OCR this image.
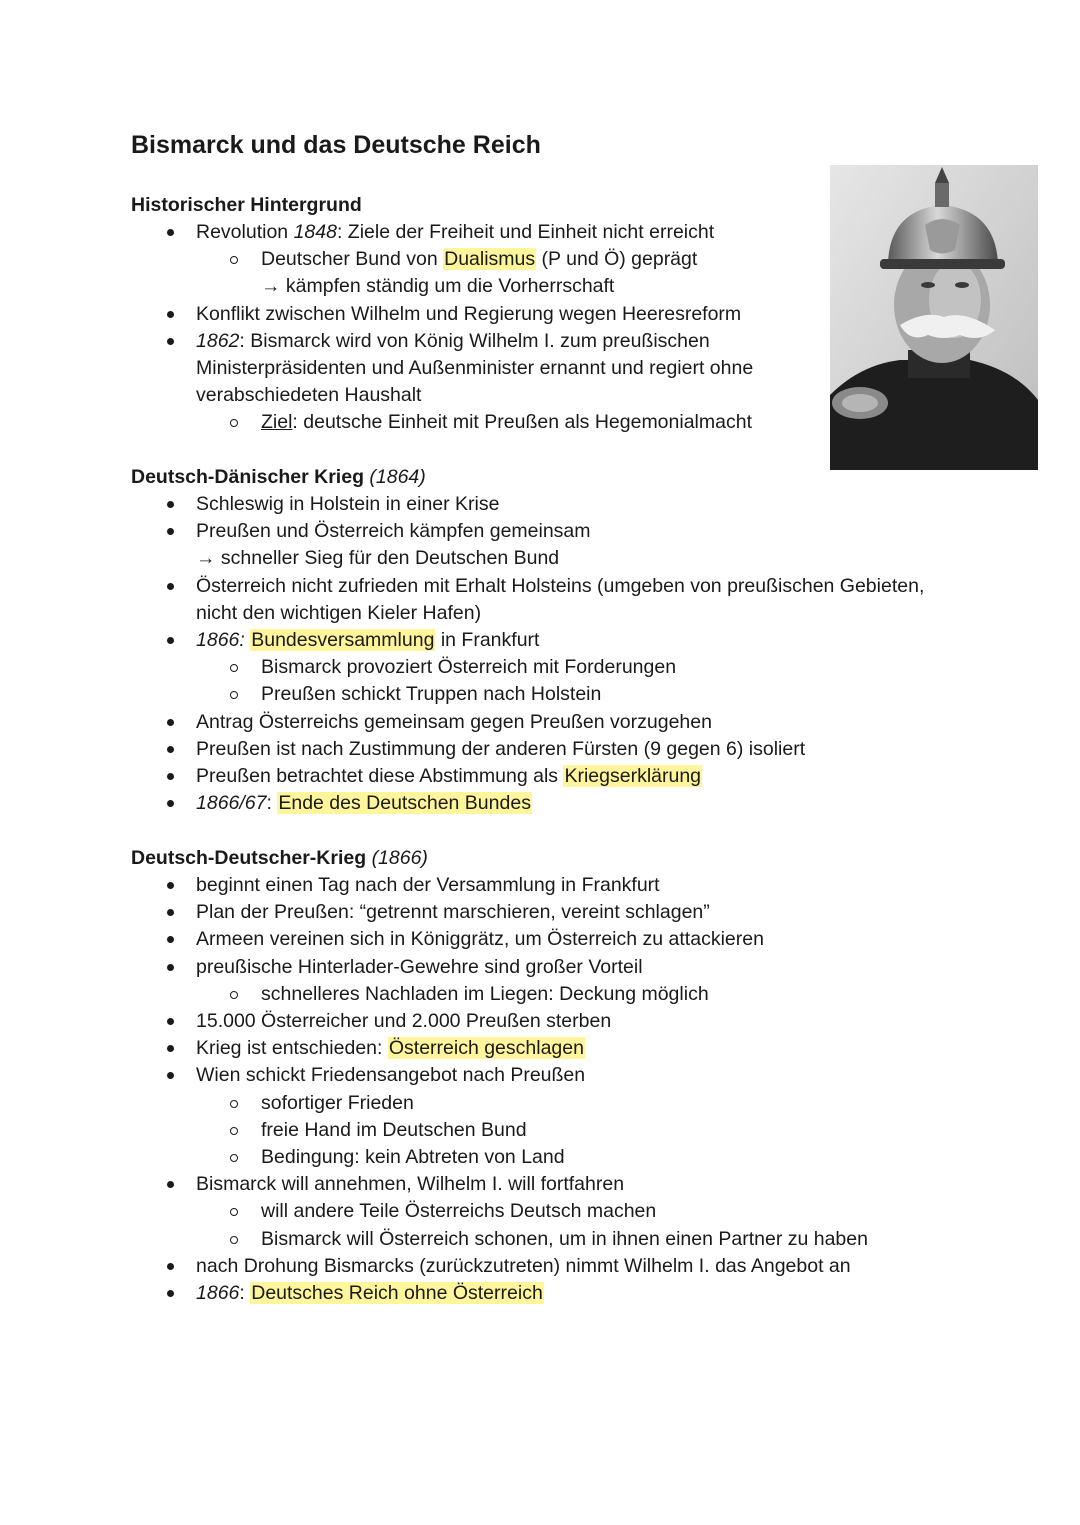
Bismarck und das Deutsche Reich
Historischer Hintergrund

Revolution 1848: Ziele der Freiheit und Einheit nicht erreicht

Deutscher Bund von Dualismus (P und Ö) geprägt

→ kämpfen ständig um die Vorherrschaft

Konflikt zwischen Wilhelm und Regierung wegen Heeresreform

1862: Bismarck wird von König Wilhelm I. zum preußischen

Ministerpräsidenten und Außenminister ernannt und regiert ohne

verabschiedeten Haushalt

Ziel: deutsche Einheit mit Preußen als Hegemonialmacht

Deutsch-Dänischer Krieg (1864)

Schleswig in Holstein in einer Krise

Preußen und Österreich kämpfen gemeinsam

→ schneller Sieg für den Deutschen Bund

Österreich nicht zufrieden mit Erhalt Holsteins (umgeben von preußischen Gebieten,

nicht den wichtigen Kieler Hafen)

1866: Bundesversammlung in Frankfurt

Bismarck provoziert Österreich mit Forderungen

Preußen schickt Truppen nach Holstein

Antrag Österreichs gemeinsam gegen Preußen vorzugehen

Preußen ist nach Zustimmung der anderen Fürsten (9 gegen 6) isoliert

Preußen betrachtet diese Abstimmung als Kriegserklärung

1866/67: Ende des Deutschen Bundes

Deutsch-Deutscher-Krieg (1866)

beginnt einen Tag nach der Versammlung in Frankfurt

Plan der Preußen: “getrennt marschieren, vereint schlagen”

Armeen vereinen sich in Königgrätz, um Österreich zu attackieren

preußische Hinterlader-Gewehre sind großer Vorteil

schnelleres Nachladen im Liegen: Deckung möglich

15.000 Österreicher und 2.000 Preußen sterben

Krieg ist entschieden: Österreich geschlagen

Wien schickt Friedensangebot nach Preußen

sofortiger Frieden

freie Hand im Deutschen Bund

Bedingung: kein Abtreten von Land

Bismarck will annehmen, Wilhelm I. will fortfahren

will andere Teile Österreichs Deutsch machen

Bismarck will Österreich schonen, um in ihnen einen Partner zu haben

nach Drohung Bismarcks (zurückzutreten) nimmt Wilhelm I. das Angebot an

1866: Deutsches Reich ohne Österreich
